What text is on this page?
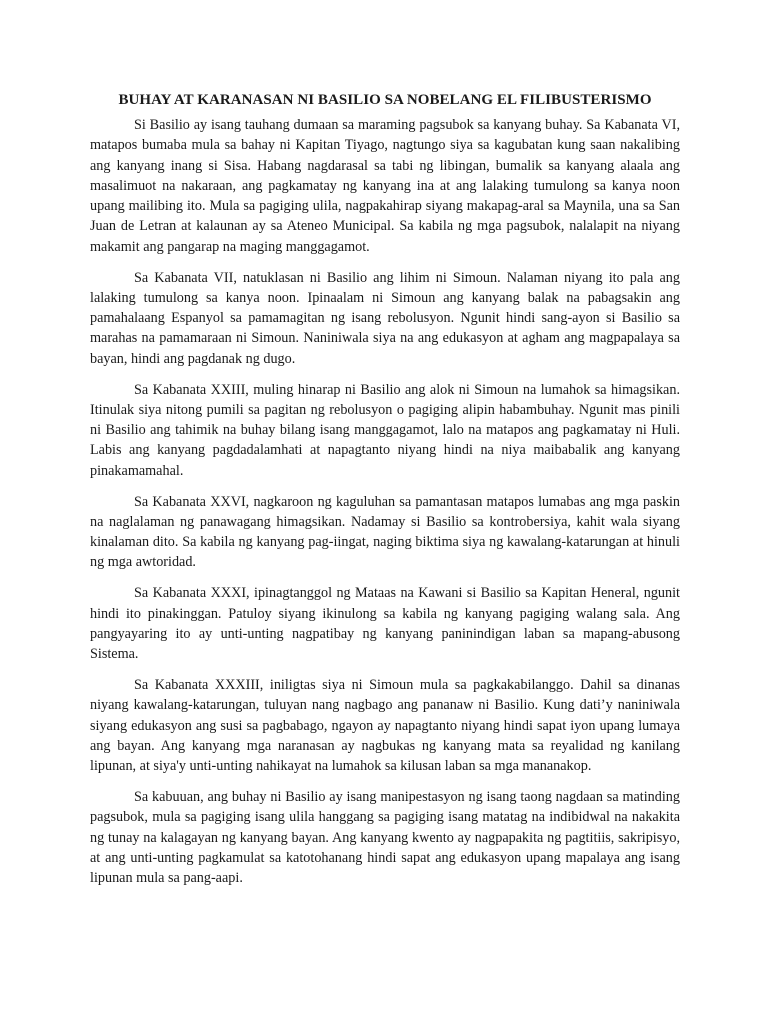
BUHAY AT KARANASAN NI BASILIO SA NOBELANG EL FILIBUSTERISMO

Si Basilio ay isang tauhang dumaan sa maraming pagsubok sa kanyang buhay. Sa Kabanata VI, matapos bumaba mula sa bahay ni Kapitan Tiyago, nagtungo siya sa kagubatan kung saan nakalibing ang kanyang inang si Sisa. Habang nagdarasal sa tabi ng libingan, bumalik sa kanyang alaala ang masalimuot na nakaraan, ang pagkamatay ng kanyang ina at ang lalaking tumulong sa kanya noon upang mailibing ito. Mula sa pagiging ulila, nagpakahirap siyang makapag-aral sa Maynila, una sa San Juan de Letran at kalaunan ay sa Ateneo Municipal. Sa kabila ng mga pagsubok, nalalapit na niyang makamit ang pangarap na maging manggagamot.

Sa Kabanata VII, natuklasan ni Basilio ang lihim ni Simoun. Nalaman niyang ito pala ang lalaking tumulong sa kanya noon. Ipinaalam ni Simoun ang kanyang balak na pabagsakin ang pamahalaang Espanyol sa pamamagitan ng isang rebolusyon. Ngunit hindi sang-ayon si Basilio sa marahas na pamamaraan ni Simoun. Naniniwala siya na ang edukasyon at agham ang magpapalaya sa bayan, hindi ang pagdanak ng dugo.

Sa Kabanata XXIII, muling hinarap ni Basilio ang alok ni Simoun na lumahok sa himagsikan. Itinulak siya nitong pumili sa pagitan ng rebolusyon o pagiging alipin habambuhay. Ngunit mas pinili ni Basilio ang tahimik na buhay bilang isang manggagamot, lalo na matapos ang pagkamatay ni Huli. Labis ang kanyang pagdadalamhati at napagtanto niyang hindi na niya maibabalik ang kanyang pinakamamahal.

Sa Kabanata XXVI, nagkaroon ng kaguluhan sa pamantasan matapos lumabas ang mga paskin na naglalaman ng panawagang himagsikan. Nadamay si Basilio sa kontrobersiya, kahit wala siyang kinalaman dito. Sa kabila ng kanyang pag-iingat, naging biktima siya ng kawalang-katarungan at hinuli ng mga awtoridad.

Sa Kabanata XXXI, ipinagtanggol ng Mataas na Kawani si Basilio sa Kapitan Heneral, ngunit hindi ito pinakinggan. Patuloy siyang ikinulong sa kabila ng kanyang pagiging walang sala. Ang pangyayaring ito ay unti-unting nagpatibay ng kanyang paninindigan laban sa mapang-abusong Sistema.

Sa Kabanata XXXIII, iniligtas siya ni Simoun mula sa pagkakabilanggo. Dahil sa dinanas niyang kawalang-katarungan, tuluyan nang nagbago ang pananaw ni Basilio. Kung dati’y naniniwala siyang edukasyon ang susi sa pagbabago, ngayon ay napagtanto niyang hindi sapat iyon upang lumaya ang bayan. Ang kanyang mga naranasan ay nagbukas ng kanyang mata sa reyalidad ng kanilang lipunan, at siya'y unti-unting nahikayat na lumahok sa kilusan laban sa mga mananakop.

Sa kabuuan, ang buhay ni Basilio ay isang manipestasyon ng isang taong nagdaan sa matinding pagsubok, mula sa pagiging isang ulila hanggang sa pagiging isang matatag na indibidwal na nakakita ng tunay na kalagayan ng kanyang bayan. Ang kanyang kwento ay nagpapakita ng pagtitiis, sakripisyo, at ang unti-unting pagkamulat sa katotohanang hindi sapat ang edukasyon upang mapalaya ang isang lipunan mula sa pang-aapi.
